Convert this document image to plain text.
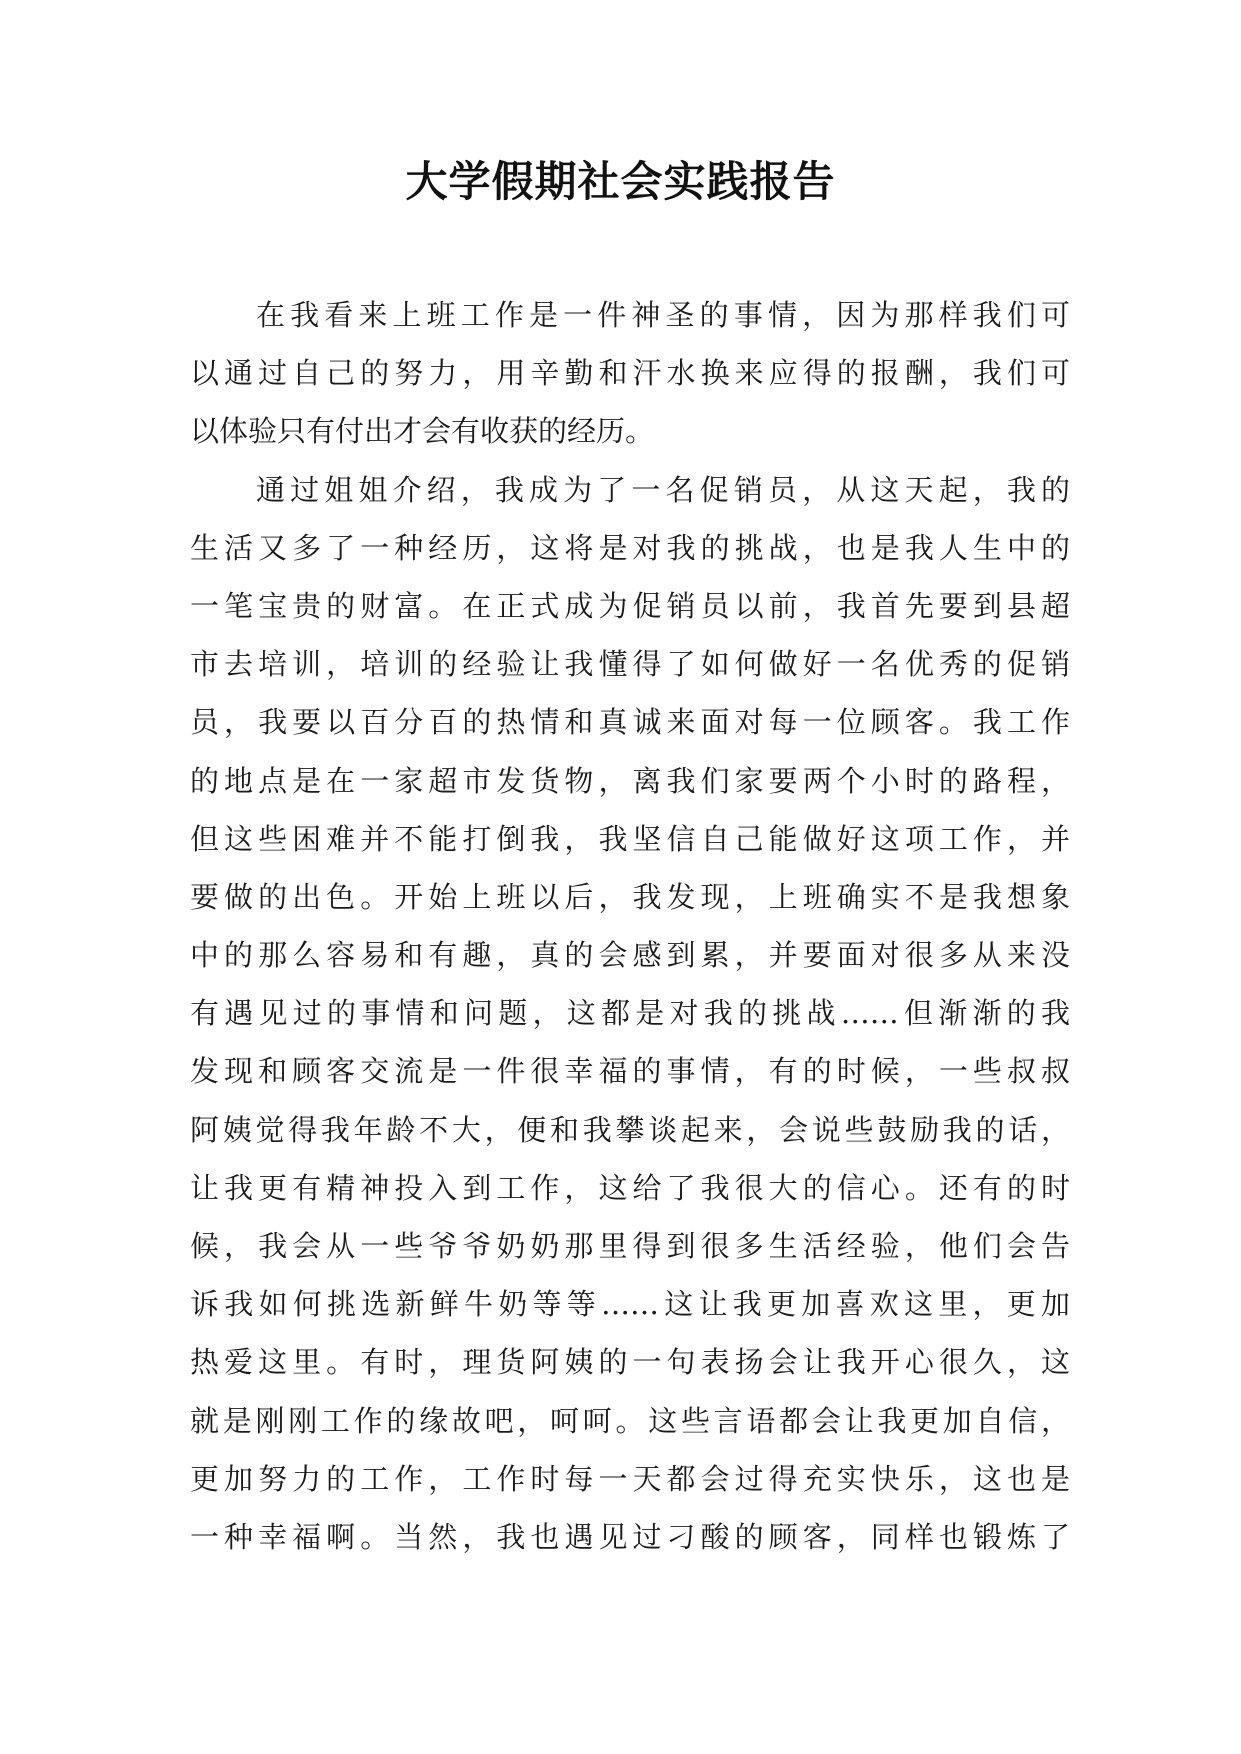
大学假期社会实践报告
在我看来上班工作是一件神圣的事情，因为那样我们可
以通过自己的努力，用辛勤和汗水换来应得的报酬，我们可
以体验只有付出才会有收获的经历。
通过姐姐介绍，我成为了一名促销员，从这天起，我的
生活又多了一种经历，这将是对我的挑战，也是我人生中的
一笔宝贵的财富。在正式成为促销员以前，我首先要到县超
市去培训，培训的经验让我懂得了如何做好一名优秀的促销
员，我要以百分百的热情和真诚来面对每一位顾客。我工作
的地点是在一家超市发货物，离我们家要两个小时的路程，
但这些困难并不能打倒我，我坚信自己能做好这项工作，并
要做的出色。开始上班以后，我发现，上班确实不是我想象
中的那么容易和有趣，真的会感到累，并要面对很多从来没
有遇见过的事情和问题，这都是对我的挑战……但渐渐的我
发现和顾客交流是一件很幸福的事情，有的时候，一些叔叔
阿姨觉得我年龄不大，便和我攀谈起来，会说些鼓励我的话，
让我更有精神投入到工作，这给了我很大的信心。还有的时
候，我会从一些爷爷奶奶那里得到很多生活经验，他们会告
诉我如何挑选新鲜牛奶等等……这让我更加喜欢这里，更加
热爱这里。有时，理货阿姨的一句表扬会让我开心很久，这
就是刚刚工作的缘故吧，呵呵。这些言语都会让我更加自信，
更加努力的工作，工作时每一天都会过得充实快乐，这也是
一种幸福啊。当然，我也遇见过刁酸的顾客，同样也锻炼了
